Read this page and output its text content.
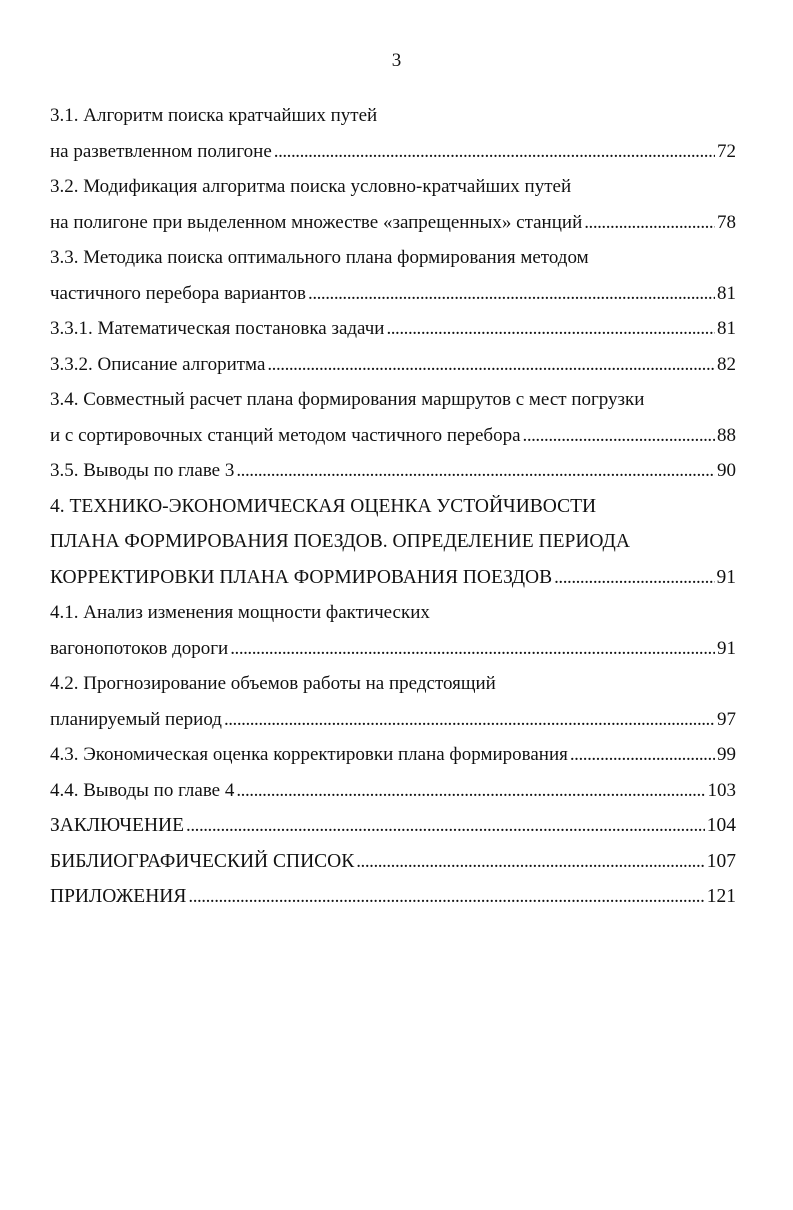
3
3.1. Алгоритм поиска кратчайших путей
на разветвленном полигоне . . .	72
3.2. Модификация алгоритма поиска условно-кратчайших путей
на полигоне при выделенном множестве «запрещенных» станций . . .	78
3.3. Методика поиска оптимального плана формирования методом
частичного перебора вариантов . . .	81
3.3.1. Математическая постановка задачи . . .	81
3.3.2. Описание алгоритма . . .	82
3.4. Совместный расчет плана формирования маршрутов с мест погрузки
и с сортировочных станций методом частичного перебора . . .	88
3.5. Выводы по главе 3 . . .	90
4. ТЕХНИКО-ЭКОНОМИЧЕСКАЯ ОЦЕНКА УСТОЙЧИВОСТИ
ПЛАНА ФОРМИРОВАНИЯ ПОЕЗДОВ. ОПРЕДЕЛЕНИЕ ПЕРИОДА
КОРРЕКТИРОВКИ ПЛАНА ФОРМИРОВАНИЯ ПОЕЗДОВ . . .	91
4.1. Анализ изменения мощности фактических
вагонопотоков дороги . . .	91
4.2. Прогнозирование объемов работы на предстоящий
планируемый период . . .	97
4.3. Экономическая оценка корректировки плана формирования . . .	99
4.4. Выводы по главе 4 . . .	103
ЗАКЛЮЧЕНИЕ . . .	104
БИБЛИОГРАФИЧЕСКИЙ СПИСОК . . .	107
ПРИЛОЖЕНИЯ . . .	121
